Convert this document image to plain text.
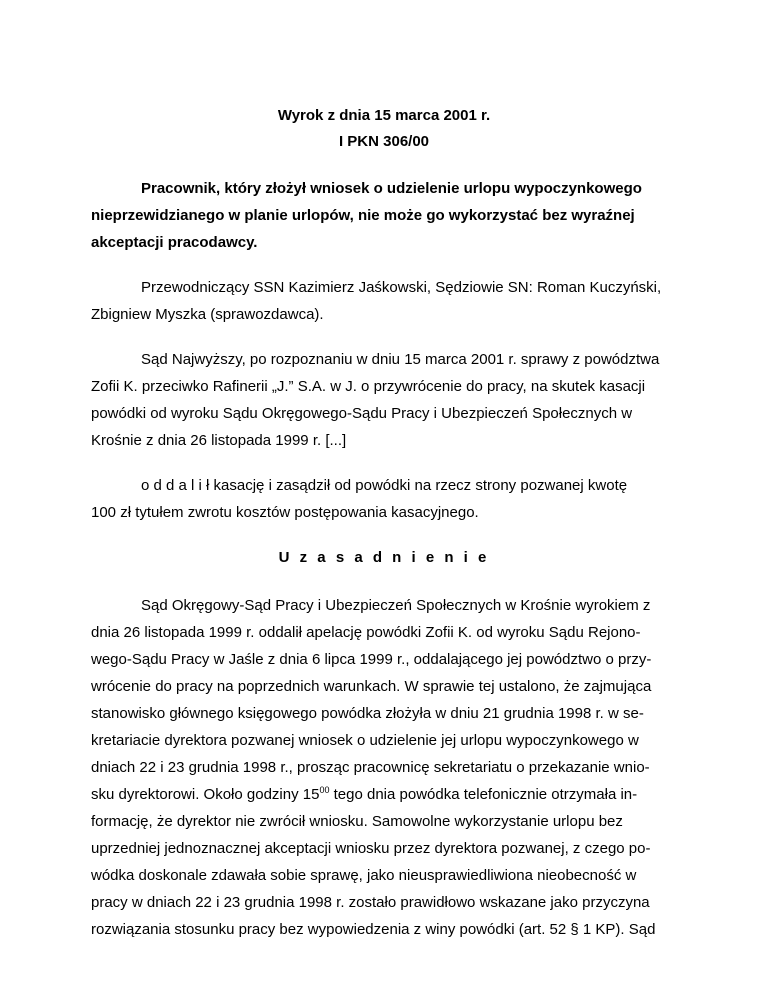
Wyrok z dnia 15 marca 2001 r.
I PKN 306/00
Pracownik, który złożył wniosek o udzielenie urlopu wypoczynkowego
nieprzewidzianego w planie urlopów, nie może go wykorzystać bez wyraźnej
akceptacji pracodawcy.
Przewodniczący SSN Kazimierz Jaśkowski, Sędziowie SN: Roman Kuczyński,
Zbigniew Myszka (sprawozdawca).
Sąd Najwyższy, po rozpoznaniu w dniu 15 marca 2001 r. sprawy z powództwa
Zofii K. przeciwko Rafinerii „J.” S.A. w J. o przywrócenie do pracy, na skutek kasacji
powódki od wyroku Sądu Okręgowego-Sądu Pracy i Ubezpieczeń Społecznych w
Krośnie z dnia 26 listopada 1999 r. [...]
o d d a l i ł kasację i zasądził od powódki na rzecz strony pozwanej kwotę
100 zł tytułem zwrotu kosztów postępowania kasacyjnego.
U z a s a d n i e n i e
Sąd Okręgowy-Sąd Pracy i Ubezpieczeń Społecznych w Krośnie wyrokiem z
dnia 26 listopada 1999 r. oddalił apelację powódki Zofii K. od wyroku Sądu Rejono-
wego-Sądu Pracy w Jaśle z dnia 6 lipca 1999 r., oddalającego jej powództwo o przy-
wrócenie do pracy na poprzednich warunkach. W sprawie tej ustalono, że zajmująca
stanowisko głównego księgowego powódka złożyła w dniu 21 grudnia 1998 r. w se-
kretariacie dyrektora pozwanej wniosek o udzielenie jej urlopu wypoczynkowego w
dniach 22 i 23 grudnia 1998 r., prosząc pracownicę sekretariatu o przekazanie wnio-
sku dyrektorowi. Około godziny $15^{00}$ tego dnia powódka telefonicznie otrzymała in-
formację, że dyrektor nie zwrócił wniosku. Samowolne wykorzystanie urlopu bez
uprzedniej jednoznacznej akceptacji wniosku przez dyrektora pozwanej, z czego po-
wódka doskonale zdawała sobie sprawę, jako nieusprawiedliwiona nieobecność w
pracy w dniach 22 i 23 grudnia 1998 r. zostało prawidłowo wskazane jako przyczyna
rozwiązania stosunku pracy bez wypowiedzenia z winy powódki (art. 52 § 1 KP). Sąd
